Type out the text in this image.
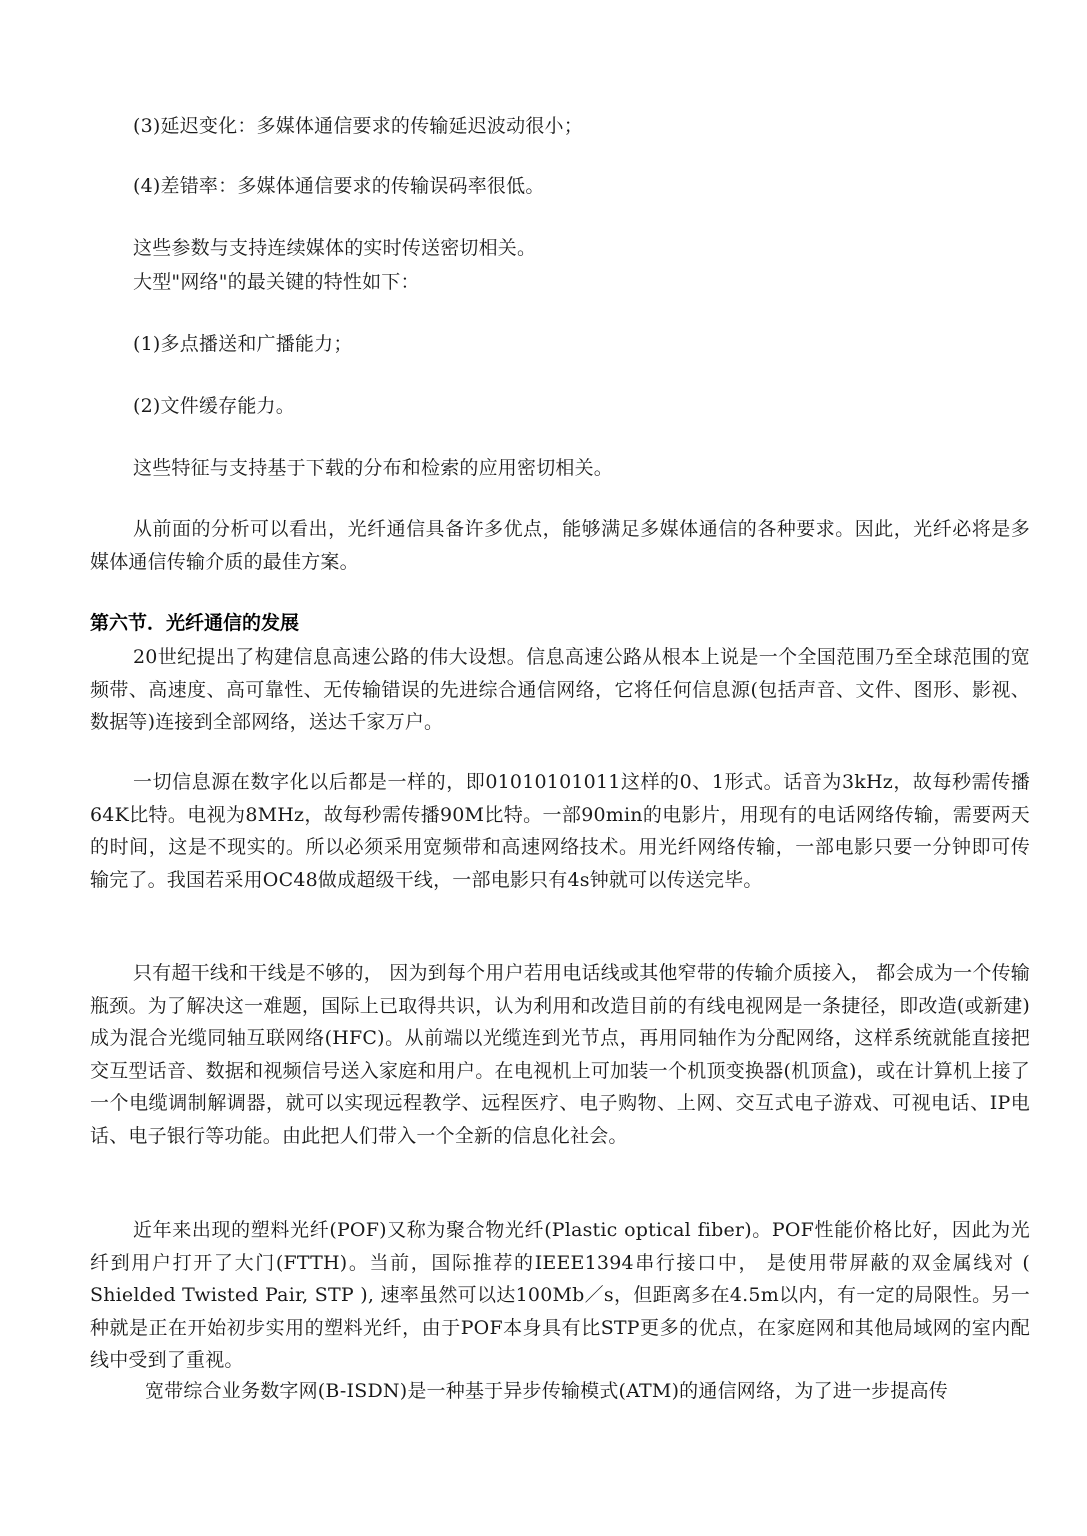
(3)延迟变化：多媒体通信要求的传输延迟波动很小；
(4)差错率：多媒体通信要求的传输误码率很低。
这些参数与支持连续媒体的实时传送密切相关。
大型"网络"的最关键的特性如下：
(1)多点播送和广播能力；
(2)文件缓存能力。
这些特征与支持基于下载的分布和检索的应用密切相关。
从前面的分析可以看出，光纤通信具备许多优点，能够满足多媒体通信的各种要求。因此，光纤必将是多媒体通信传输介质的最佳方案。
第六节．光纤通信的发展
20世纪提出了构建信息高速公路的伟大设想。信息高速公路从根本上说是一个全国范围乃至全球范围的宽频带、高速度、高可靠性、无传输错误的先进综合通信网络，它将任何信息源(包括声音、文件、图形、影视、数据等)连接到全部网络，送达千家万户。
一切信息源在数字化以后都是一样的，即01010101011这样的0、1形式。话音为3kHz，故每秒需传播64K比特。电视为8MHz，故每秒需传播90M比特。一部90min的电影片，用现有的电话网络传输，需要两天的时间，这是不现实的。所以必须采用宽频带和高速网络技术。用光纤网络传输，一部电影只要一分钟即可传输完了。我国若采用OC48做成超级干线，一部电影只有4s钟就可以传送完毕。
只有超干线和干线是不够的， 因为到每个用户若用电话线或其他窄带的传输介质接入， 都会成为一个传输瓶颈。为了解决这一难题，国际上已取得共识，认为利用和改造目前的有线电视网是一条捷径，即改造(或新建)成为混合光缆同轴互联网络(HFC)。从前端以光缆连到光节点，再用同轴作为分配网络，这样系统就能直接把交互型话音、数据和视频信号送入家庭和用户。在电视机上可加装一个机顶变换器(机顶盒)，或在计算机上接了一个电缆调制解调器，就可以实现远程教学、远程医疗、电子购物、上网、交互式电子游戏、可视电话、IP电话、电子银行等功能。由此把人们带入一个全新的信息化社会。
近年来出现的塑料光纤(POF)又称为聚合物光纤(Plastic optical fiber)。POF性能价格比好，因此为光纤到用户打开了大门(FTTH)。当前，国际推荐的IEEE1394串行接口中， 是使用带屏蔽的双金属线对 ( Shielded Twisted Pair, STP ), 速率虽然可以达100Mb／s，但距离多在4.5m以内，有一定的局限性。另一种就是正在开始初步实用的塑料光纤，由于POF本身具有比STP更多的优点，在家庭网和其他局域网的室内配线中受到了重视。
宽带综合业务数字网(B-ISDN)是一种基于异步传输模式(ATM)的通信网络，为了进一步提高传
